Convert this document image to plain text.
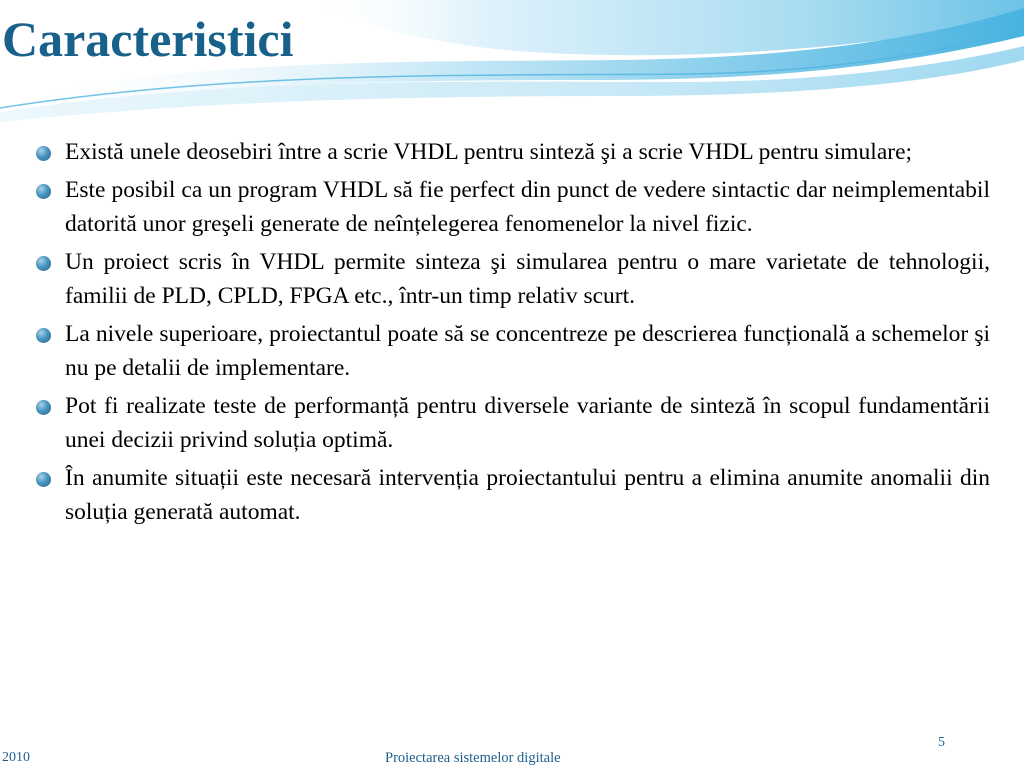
Caracteristici
Există unele deosebiri între a scrie VHDL pentru sinteză şi a scrie VHDL pentru simulare;
Este posibil ca un program VHDL să fie perfect din punct de vedere sintactic dar neimplementabil datorită unor greşeli generate de neînțelegerea fenomenelor la nivel fizic.
Un proiect scris în VHDL permite sinteza şi simularea pentru o mare varietate de tehnologii, familii de PLD, CPLD, FPGA etc., într-un timp relativ scurt.
La nivele superioare, proiectantul poate să se concentreze pe descrierea funcțională a schemelor şi nu pe detalii de implementare.
Pot fi realizate teste de performanță pentru diversele variante de sinteză în scopul fundamentării unei decizii privind soluția optimă.
În anumite situații este necesară intervenția proiectantului pentru a elimina anumite anomalii din soluția generată automat.
2010	Proiectarea sistemelor digitale
5
